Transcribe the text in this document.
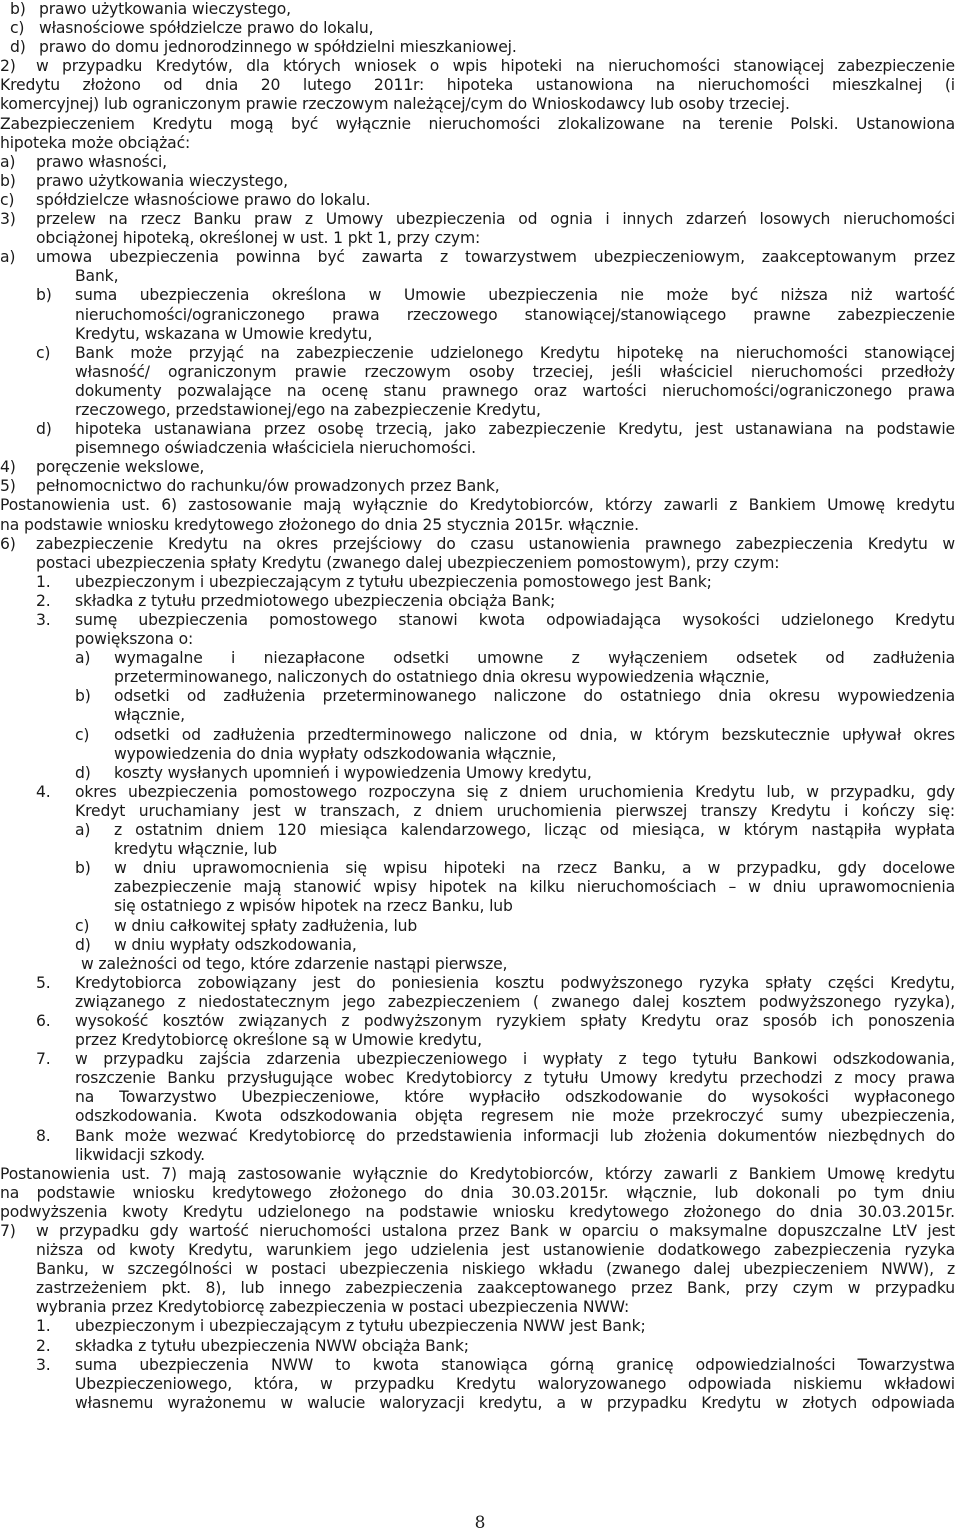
b) prawo użytkowania wieczystego,
c) własnościowe spółdzielcze prawo do lokalu,
d) prawo do domu jednorodzinnego w spółdzielni mieszkaniowej.
2) w przypadku Kredytów, dla których wniosek o wpis hipoteki na nieruchomości stanowiącej zabezpieczenie
Kredytu złożono od dnia 20 lutego 2011r: hipoteka ustanowiona na nieruchomości mieszkalnej (i
komercyjnej) lub ograniczonym prawie rzeczowym należącej/cym do Wnioskodawcy lub osoby trzeciej.
Zabezpieczeniem Kredytu mogą być wyłącznie nieruchomości zlokalizowane na terenie Polski. Ustanowiona
hipoteka może obciążać:
a) prawo własności,
b) prawo użytkowania wieczystego,
c) spółdzielcze własnościowe prawo do lokalu.
3) przelew na rzecz Banku praw z Umowy ubezpieczenia od ognia i innych zdarzeń losowych nieruchomości
obciążonej hipoteką, określonej w ust. 1 pkt 1, przy czym:
a) umowa ubezpieczenia powinna być zawarta z towarzystwem ubezpieczeniowym, zaakceptowanym przez
Bank,
b) suma ubezpieczenia określona w Umowie ubezpieczenia nie może być niższa niż wartość
nieruchomości/ograniczonego prawa rzeczowego stanowiącej/stanowiącego prawne zabezpieczenie
Kredytu, wskazana w Umowie kredytu,
c) Bank może przyjąć na zabezpieczenie udzielonego Kredytu hipotekę na nieruchomości stanowiącej
własność/ ograniczonym prawie rzeczowym osoby trzeciej, jeśli właściciel nieruchomości przedłoży
dokumenty pozwalające na ocenę stanu prawnego oraz wartości nieruchomości/ograniczonego prawa
rzeczowego, przedstawionej/ego na zabezpieczenie Kredytu,
d) hipoteka ustanawiana przez osobę trzecią, jako zabezpieczenie Kredytu, jest ustanawiana na podstawie
pisemnego oświadczenia właściciela nieruchomości.
4) poręczenie wekslowe,
5) pełnomocnictwo do rachunku/ów prowadzonych przez Bank,
Postanowienia ust. 6) zastosowanie mają wyłącznie do Kredytobiorców, którzy zawarli z Bankiem Umowę kredytu
na podstawie wniosku kredytowego złożonego do dnia 25 stycznia 2015r. włącznie.
6) zabezpieczenie Kredytu na okres przejściowy do czasu ustanowienia prawnego zabezpieczenia Kredytu w
postaci ubezpieczenia spłaty Kredytu (zwanego dalej ubezpieczeniem pomostowym), przy czym:
1. ubezpieczonym i ubezpieczającym z tytułu ubezpieczenia pomostowego jest Bank;
2. składka z tytułu przedmiotowego ubezpieczenia obciąża Bank;
3. sumę ubezpieczenia pomostowego stanowi kwota odpowiadająca wysokości udzielonego Kredytu
powiększona o:
a) wymagalne i niezapłacone odsetki umowne z wyłączeniem odsetek od zadłużenia
przeterminowanego, naliczonych do ostatniego dnia okresu wypowiedzenia włącznie,
b) odsetki od zadłużenia przeterminowanego naliczone do ostatniego dnia okresu wypowiedzenia
włącznie,
c) odsetki od zadłużenia przedterminowego naliczone od dnia, w którym bezskutecznie upływał okres
wypowiedzenia do dnia wypłaty odszkodowania włącznie,
d) koszty wysłanych upomnień i wypowiedzenia Umowy kredytu,
4. okres ubezpieczenia pomostowego rozpoczyna się z dniem uruchomienia Kredytu lub, w przypadku, gdy
Kredyt uruchamiany jest w transzach, z dniem uruchomienia pierwszej transzy Kredytu i kończy się:
a) z ostatnim dniem 120 miesiąca kalendarzowego, licząc od miesiąca, w którym nastąpiła wypłata
kredytu włącznie, lub
b) w dniu uprawomocnienia się wpisu hipoteki na rzecz Banku, a w przypadku, gdy docelowe
zabezpieczenie mają stanowić wpisy hipotek na kilku nieruchomościach – w dniu uprawomocnienia
się ostatniego z wpisów hipotek na rzecz Banku, lub
c) w dniu całkowitej spłaty zadłużenia, lub
d) w dniu wypłaty odszkodowania,
w zależności od tego, które zdarzenie nastąpi pierwsze,
5. Kredytobiorca zobowiązany jest do poniesienia kosztu podwyższonego ryzyka spłaty części Kredytu,
związanego z niedostatecznym jego zabezpieczeniem ( zwanego dalej kosztem podwyższonego ryzyka),
6. wysokość kosztów związanych z podwyższonym ryzykiem spłaty Kredytu oraz sposób ich ponoszenia
przez Kredytobiorcę określone są w Umowie kredytu,
7. w przypadku zajścia zdarzenia ubezpieczeniowego i wypłaty z tego tytułu Bankowi odszkodowania,
roszczenie Banku przysługujące wobec Kredytobiorcy z tytułu Umowy kredytu przechodzi z mocy prawa
na Towarzystwo Ubezpieczeniowe, które wypłaciło odszkodowanie do wysokości wypłaconego
odszkodowania. Kwota odszkodowania objęta regresem nie może przekroczyć sumy ubezpieczenia,
8. Bank może wezwać Kredytobiorcę do przedstawienia informacji lub złożenia dokumentów niezbędnych do
likwidacji szkody.
Postanowienia ust. 7) mają zastosowanie wyłącznie do Kredytobiorców, którzy zawarli z Bankiem Umowę kredytu
na podstawie wniosku kredytowego złożonego do dnia 30.03.2015r. włącznie, lub dokonali po tym dniu
podwyższenia kwoty Kredytu udzielonego na podstawie wniosku kredytowego złożonego do dnia 30.03.2015r.
7) w przypadku gdy wartość nieruchomości ustalona przez Bank w oparciu o maksymalne dopuszczalne LtV jest
niższa od kwoty Kredytu, warunkiem jego udzielenia jest ustanowienie dodatkowego zabezpieczenia ryzyka
Banku, w szczególności w postaci ubezpieczenia niskiego wkładu (zwanego dalej ubezpieczeniem NWW), z
zastrzeżeniem pkt. 8), lub innego zabezpieczenia zaakceptowanego przez Bank, przy czym w przypadku
wybrania przez Kredytobiorcę zabezpieczenia w postaci ubezpieczenia NWW:
1. ubezpieczonym i ubezpieczającym z tytułu ubezpieczenia NWW jest Bank;
2. składka z tytułu ubezpieczenia NWW obciąża Bank;
3. suma ubezpieczenia NWW to kwota stanowiąca górną granicę odpowiedzialności Towarzystwa
Ubezpieczeniowego, która, w przypadku Kredytu waloryzowanego odpowiada niskiemu wkładowi
własnemu wyrażonemu w walucie waloryzacji kredytu, a w przypadku Kredytu w złotych odpowiada
8
